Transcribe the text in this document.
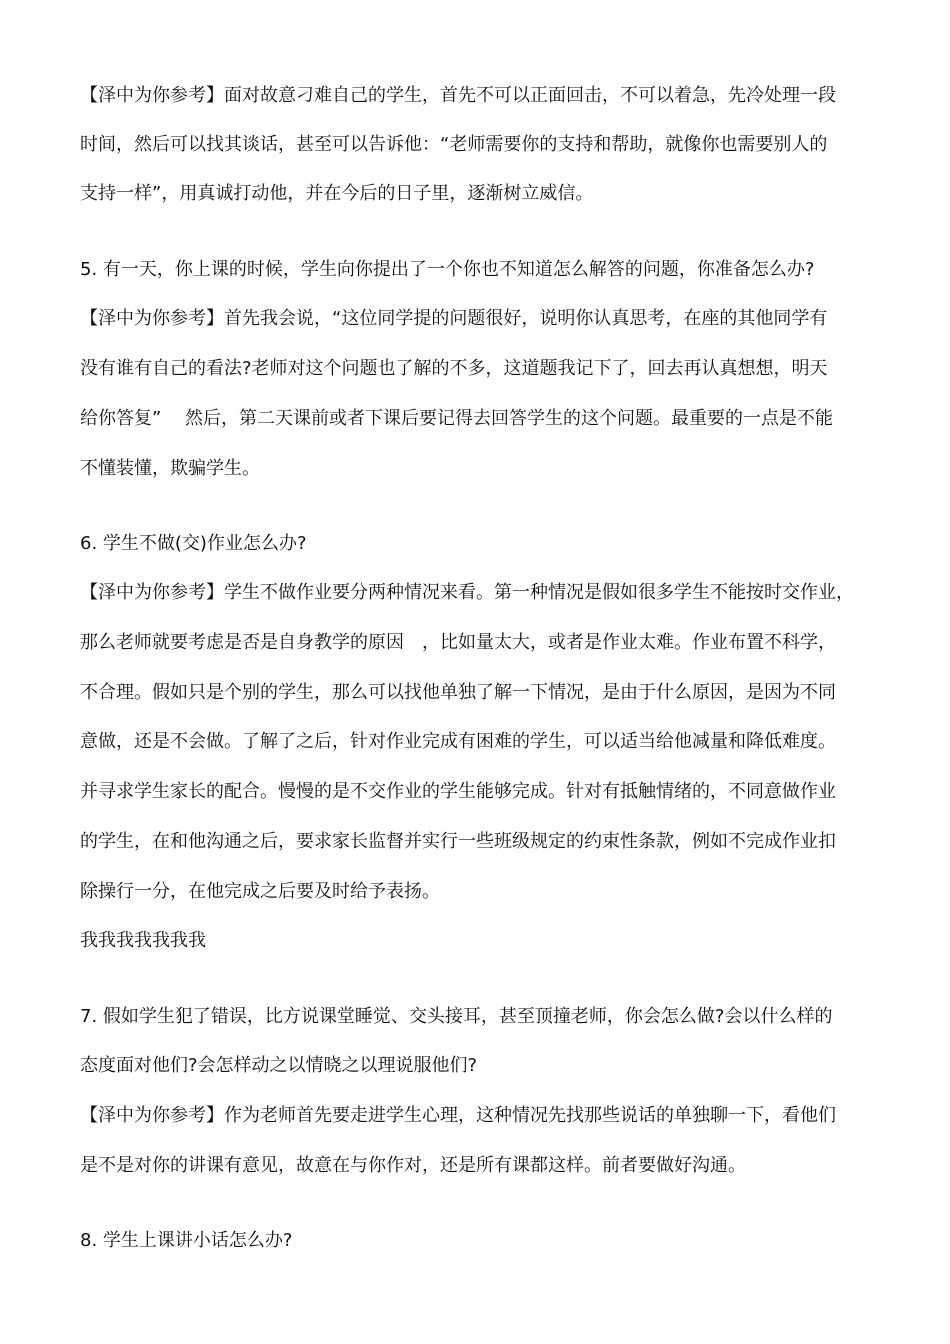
【泽中为你参考】面对故意刁难自己的学生，首先不可以正面回击，不可以着急，先冷处理一段
时间，然后可以找其谈话，甚至可以告诉他：“老师需要你的支持和帮助，就像你也需要别人的
支持一样”，用真诚打动他，并在今后的日子里，逐渐树立威信。
5. 有一天，你上课的时候，学生向你提出了一个你也不知道怎么解答的问题，你准备怎么办?
【泽中为你参考】首先我会说，“这位同学提的问题很好，说明你认真思考，在座的其他同学有
没有谁有自己的看法?老师对这个问题也了解的不多，这道题我记下了，回去再认真想想，明天
给你答复”　 然后，第二天课前或者下课后要记得去回答学生的这个问题。最重要的一点是不能
不懂装懂，欺骗学生。
6. 学生不做(交)作业怎么办?
【泽中为你参考】学生不做作业要分两种情况来看。第一种情况是假如很多学生不能按时交作业，
那么老师就要考虑是否是自身教学的原因　，比如量太大，或者是作业太难。作业布置不科学，
不合理。假如只是个别的学生，那么可以找他单独了解一下情况，是由于什么原因，是因为不同
意做，还是不会做。了解了之后，针对作业完成有困难的学生，可以适当给他减量和降低难度。
并寻求学生家长的配合。慢慢的是不交作业的学生能够完成。针对有抵触情绪的，不同意做作业
的学生，在和他沟通之后，要求家长监督并实行一些班级规定的约束性条款，例如不完成作业扣
除操行一分，在他完成之后要及时给予表扬。
我我我我我我我
7. 假如学生犯了错误，比方说课堂睡觉、交头接耳，甚至顶撞老师，你会怎么做?会以什么样的
态度面对他们?会怎样动之以情晓之以理说服他们?
【泽中为你参考】作为老师首先要走进学生心理，这种情况先找那些说话的单独聊一下，看他们
是不是对你的讲课有意见，故意在与你作对，还是所有课都这样。前者要做好沟通。
8. 学生上课讲小话怎么办?
